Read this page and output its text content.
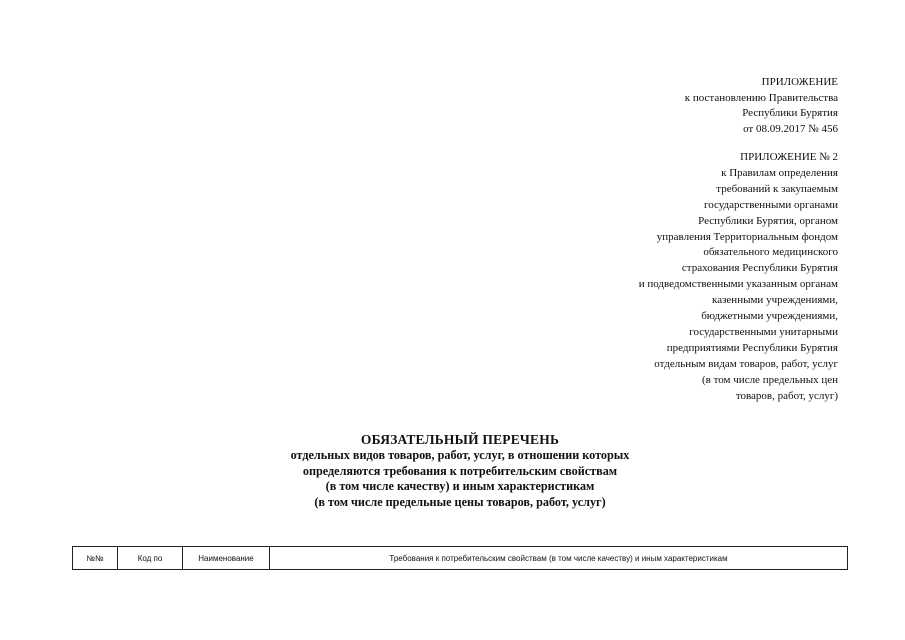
ПРИЛОЖЕНИЕ
к постановлению Правительства
Республики Бурятия
от 08.09.2017 № 456
ПРИЛОЖЕНИЕ № 2
к Правилам определения
требований к закупаемым
государственными органами
Республики Бурятия, органом
управления Территориальным фондом
обязательного медицинского
страхования Республики Бурятия
и подведомственными указанным органам
казенными учреждениями,
бюджетными учреждениями,
государственными унитарными
предприятиями Республики Бурятия
отдельным видам товаров, работ, услуг
(в том числе предельных цен
товаров, работ, услуг)
ОБЯЗАТЕЛЬНЫЙ ПЕРЕЧЕНЬ
отдельных видов товаров, работ, услуг, в отношении которых
определяются требования к потребительским свойствам
(в том числе качеству) и иным характеристикам
(в том числе предельные цены товаров, работ, услуг)
№№	Код по	Наименование	Требования к потребительским свойствам (в том числе качеству) и иным характеристикам
